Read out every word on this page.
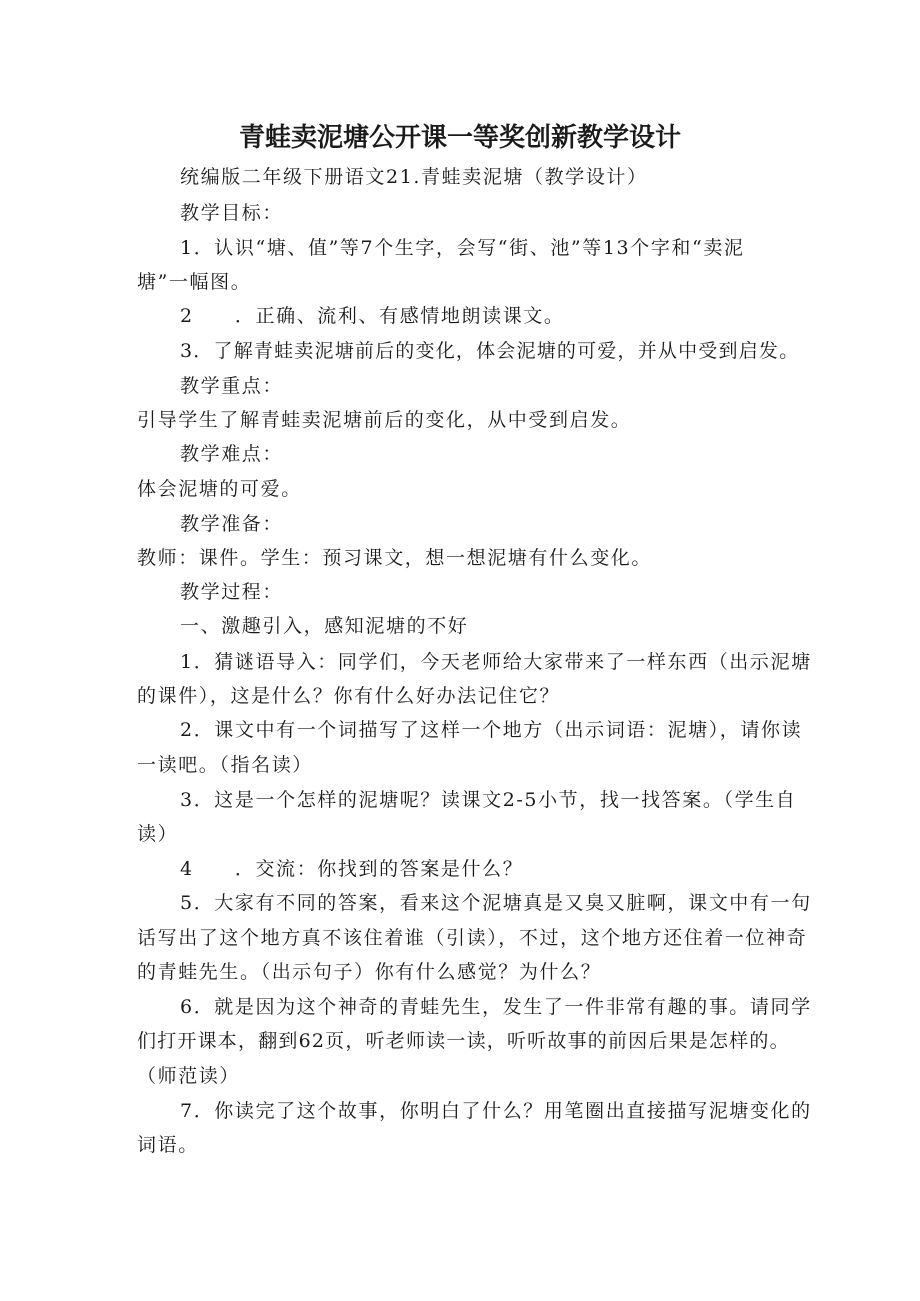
青蛙卖泥塘公开课一等奖创新教学设计
统编版二年级下册语文21.青蛙卖泥塘（教学设计）
教学目标：
1．认识“塘、值”等7个生字，会写“街、池”等13个字和“卖泥
塘”一幅图。
2　　．正确、流利、有感情地朗读课文。
3．了解青蛙卖泥塘前后的变化，体会泥塘的可爱，并从中受到启发。
教学重点：
引导学生了解青蛙卖泥塘前后的变化，从中受到启发。
教学难点：
体会泥塘的可爱。
教学准备：
教师：课件。学生：预习课文，想一想泥塘有什么变化。
教学过程：
一、激趣引入，感知泥塘的不好
1．猜谜语导入：同学们，今天老师给大家带来了一样东西（出示泥塘
的课件），这是什么？你有什么好办法记住它？
2．课文中有一个词描写了这样一个地方（出示词语：泥塘），请你读
一读吧。（指名读）
3．这是一个怎样的泥塘呢？读课文2-5小节，找一找答案。（学生自
读）
4　　．交流：你找到的答案是什么？
5．大家有不同的答案，看来这个泥塘真是又臭又脏啊，课文中有一句
话写出了这个地方真不该住着谁（引读），不过，这个地方还住着一位神奇
的青蛙先生。（出示句子）你有什么感觉？为什么？
6．就是因为这个神奇的青蛙先生，发生了一件非常有趣的事。请同学
们打开课本，翻到62页，听老师读一读，听听故事的前因后果是怎样的。
（师范读）
7．你读完了这个故事，你明白了什么？用笔圈出直接描写泥塘变化的
词语。
